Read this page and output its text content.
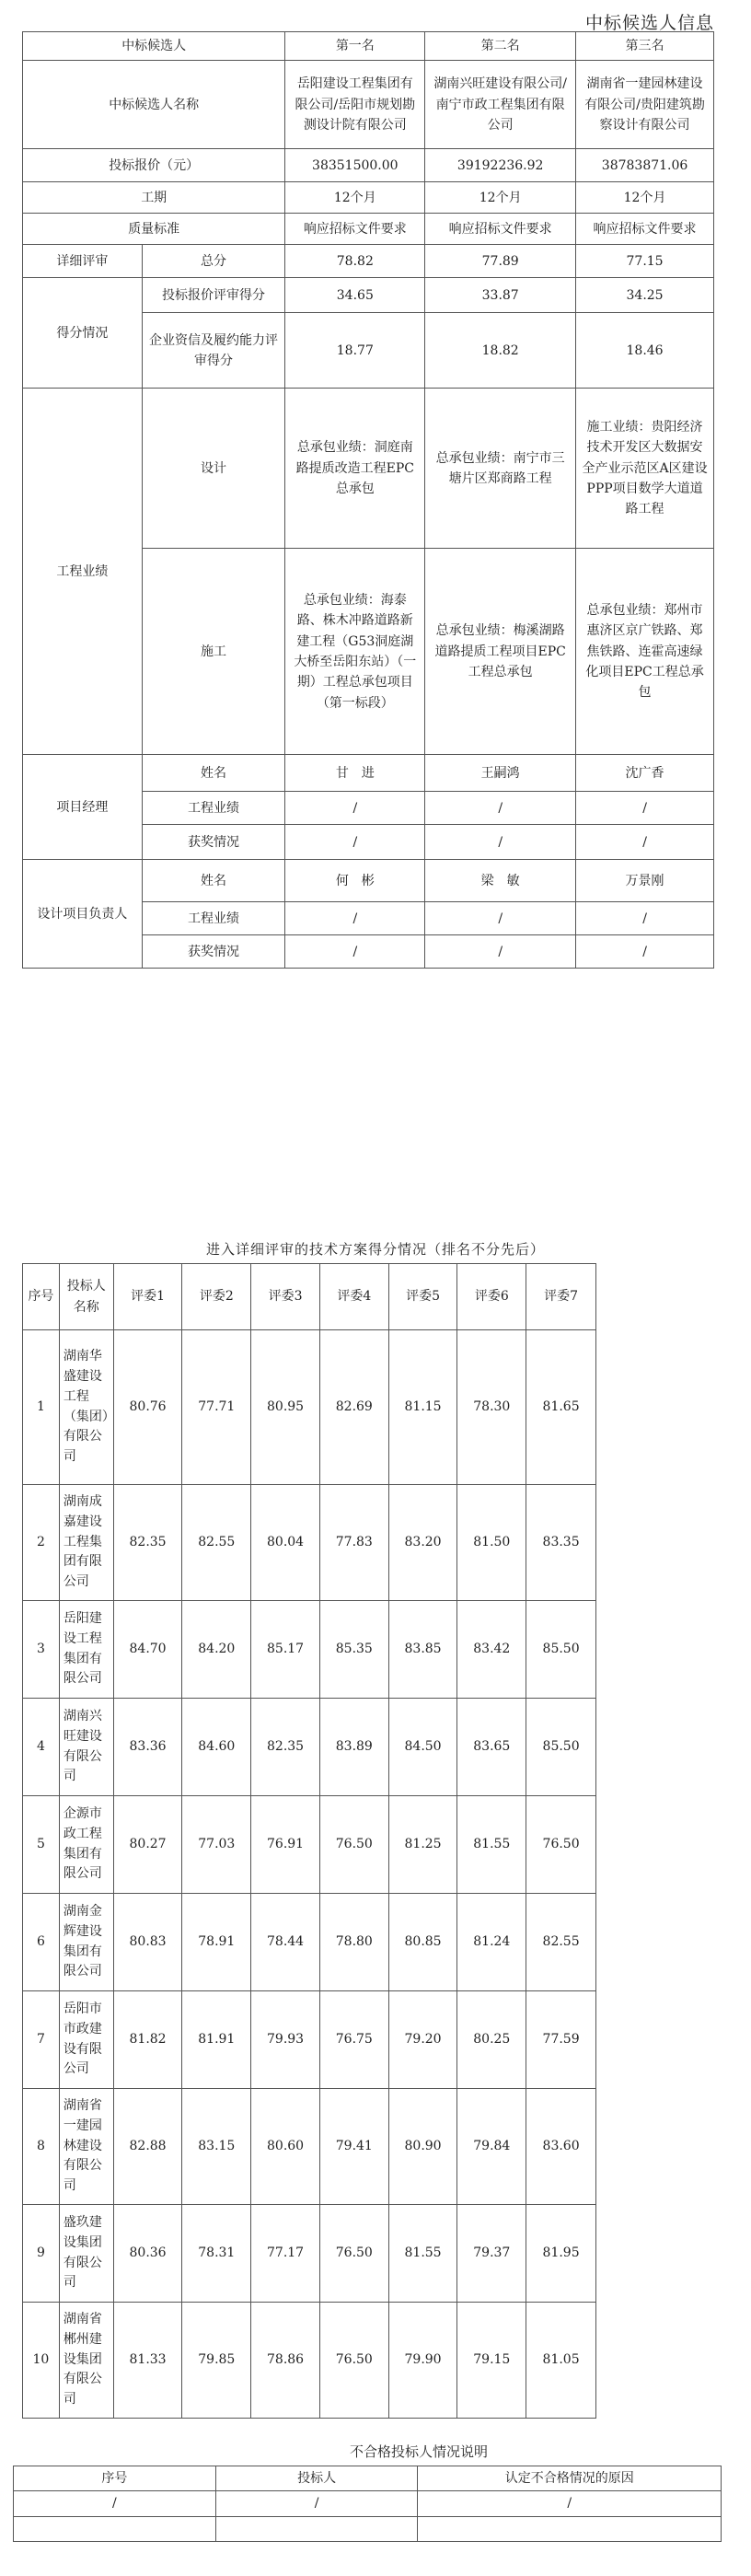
中标候选人信息
中标候选人		第一名	第二名	第三名
中标候选人名称		岳阳建设工程集团有限公司/岳阳市规划勘测设计院有限公司	湖南兴旺建设有限公司/南宁市政工程集团有限公司	湖南省一建园林建设有限公司/贵阳建筑勘察设计有限公司
投标报价（元）		38351500.00	39192236.92	38783871.06
工期		12个月	12个月	12个月
质量标准		响应招标文件要求	响应招标文件要求	响应招标文件要求
详细评审	总分	78.82	77.89	77.15
得分情况	投标报价评审得分	34.65	33.87	34.25
	企业资信及履约能力评审得分	18.77	18.82	18.46
工程业绩	设计	总承包业绩：洞庭南路提质改造工程EPC总承包	总承包业绩：南宁市三塘片区郑商路工程	施工业绩：贵阳经济技术开发区大数据安全产业示范区A区建设PPP项目数学大道道路工程
	施工	总承包业绩：海泰路、株木冲路道路新建工程（G53洞庭湖大桥至岳阳东站）（一期）工程总承包项目（第一标段）	总承包业绩：梅溪湖路道路提质工程项目EPC工程总承包	总承包业绩：郑州市惠济区京广铁路、郑焦铁路、连霍高速绿化项目EPC工程总承包
项目经理	姓名	甘　进	王嗣鸿	沈广香
	工程业绩	/	/	/
	获奖情况	/	/	/
设计项目负责人	姓名	何　彬	梁　敏	万景刚
	工程业绩	/	/	/
	获奖情况	/	/	/
进入详细评审的技术方案得分情况（排名不分先后）
序号	投标人名称	评委1	评委2	评委3	评委4	评委5	评委6	评委7
1	湖南华盛建设工程（集团）有限公司	80.76	77.71	80.95	82.69	81.15	78.30	81.65
2	湖南成嘉建设工程集团有限公司	82.35	82.55	80.04	77.83	83.20	81.50	83.35
3	岳阳建设工程集团有限公司	84.70	84.20	85.17	85.35	83.85	83.42	85.50
4	湖南兴旺建设有限公司	83.36	84.60	82.35	83.89	84.50	83.65	85.50
5	企源市政工程集团有限公司	80.27	77.03	76.91	76.50	81.25	81.55	76.50
6	湖南金辉建设集团有限公司	80.83	78.91	78.44	78.80	80.85	81.24	82.55
7	岳阳市市政建设有限公司	81.82	81.91	79.93	76.75	79.20	80.25	77.59
8	湖南省一建园林建设有限公司	82.88	83.15	80.60	79.41	80.90	79.84	83.60
9	盛玖建设集团有限公司	80.36	78.31	77.17	76.50	81.55	79.37	81.95
10	湖南省郴州建设集团有限公司	81.33	79.85	78.86	76.50	79.90	79.15	81.05
不合格投标人情况说明
序号	投标人	认定不合格情况的原因
/	/	/
